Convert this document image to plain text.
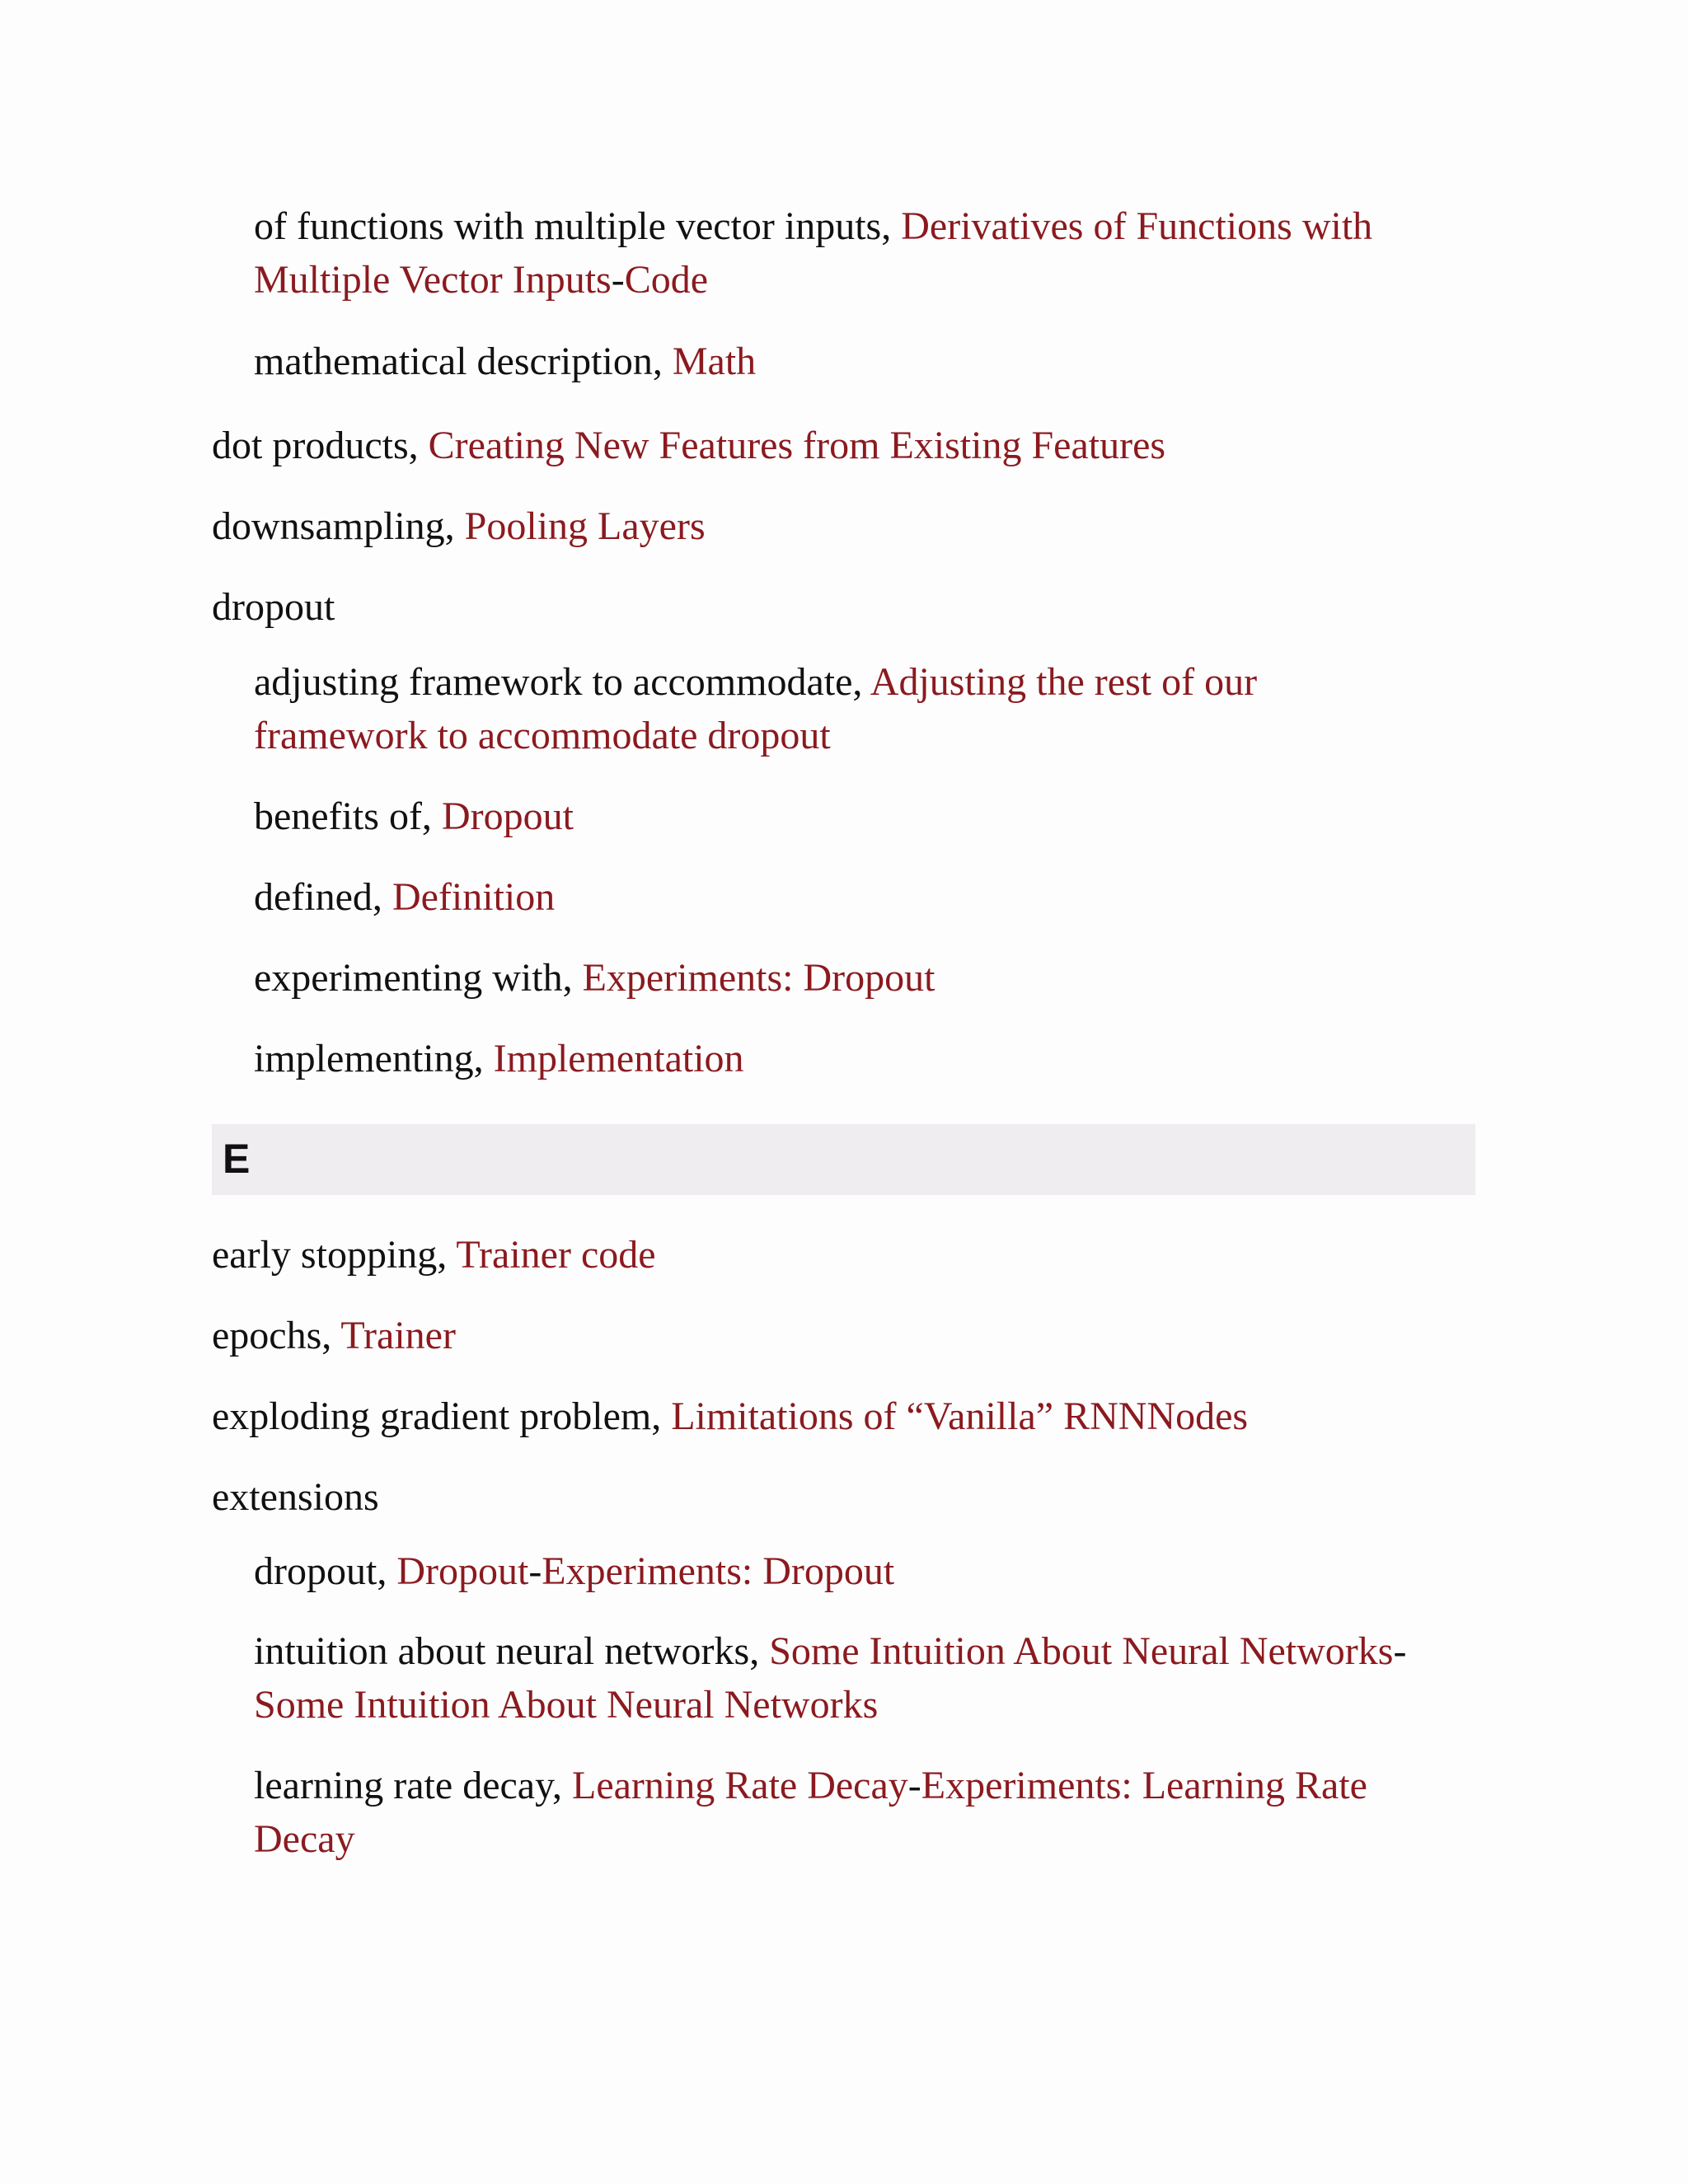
of functions with multiple vector inputs, Derivatives of Functions with
Multiple Vector Inputs-Code
mathematical description, Math
dot products, Creating New Features from Existing Features
downsampling, Pooling Layers
dropout
adjusting framework to accommodate, Adjusting the rest of our
framework to accommodate dropout
benefits of, Dropout
defined, Definition
experimenting with, Experiments: Dropout
implementing, Implementation
E
early stopping, Trainer code
epochs, Trainer
exploding gradient problem, Limitations of “Vanilla” RNNNodes
extensions
dropout, Dropout-Experiments: Dropout
intuition about neural networks, Some Intuition About Neural Networks-
Some Intuition About Neural Networks
learning rate decay, Learning Rate Decay-Experiments: Learning Rate
Decay
